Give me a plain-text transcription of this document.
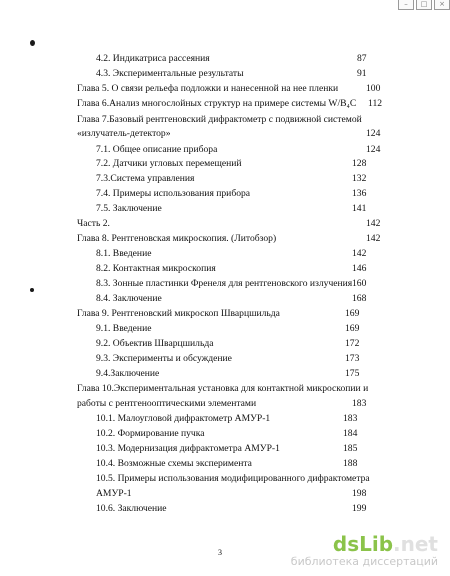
–	□	×
4.2. Индикатриса рассеяния	87
4.3. Экспериментальные результаты	91
Глава 5. О связи рельефа подложки и нанесенной на нее пленки	100
Глава 6.Анализ многослойных структур на примере системы W/B₄C 112
Глава 7.Базовый рентгеновский дифрактометр с подвижной системой
«излучатель-детектор»	124
7.1. Общее описание прибора	124
7.2. Датчики угловых перемещений	128
7.3.Система управления	132
7.4. Примеры использования прибора	136
7.5. Заключение	141
Часть 2.	142
Глава 8. Рентгеновская микроскопия. (Литобзор)	142
8.1. Введение	142
8.2. Контактная микроскопия	146
8.3. Зонные пластинки Френеля для рентгеновского излучения 160
8.4. Заключение	168
Глава 9. Рентгеновский микроскоп Шварцшильда	169
9.1. Введение	169
9.2. Объектив Шварцшильда	172
9.3. Эксперименты и обсуждение	173
9.4.Заключение	175
Глава 10.Экспериментальная установка для контактной микроскопии и
работы с рентгенооптическими элементами	183
10.1. Малоугловой дифрактометр АМУР-1	183
10.2. Формирование пучка	184
10.3. Модернизация дифрактометра АМУР-1	185
10.4. Возможные схемы эксперимента	188
10.5. Примеры использования модифицированного дифрактометра
АМУР-1	198
10.6. Заключение	199
3	dsLib.net
библиотека диссертаций
